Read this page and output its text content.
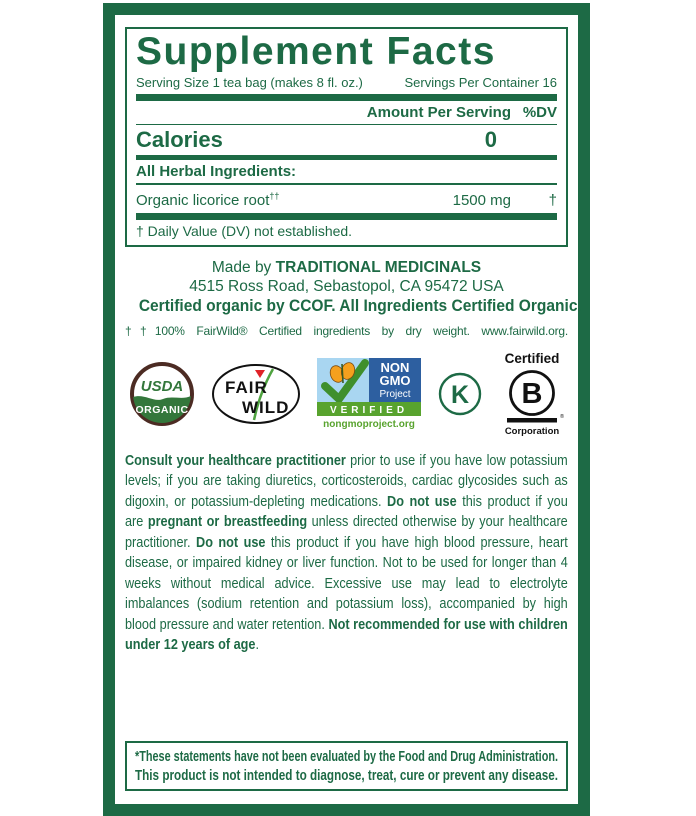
Supplement Facts
Serving Size 1 tea bag (makes 8 fl. oz.)	Servings Per Container 16
Amount Per Serving %DV
Calories	0
All Herbal Ingredients:
Organic licorice root††	1500 mg	†
† Daily Value (DV) not established.
Made by TRADITIONAL MEDICINALS
4515 Ross Road, Sebastopol, CA 95472 USA
Certified organic by CCOF. All Ingredients Certified Organic.
††100% FairWild® Certified ingredients by dry weight. www.fairwild.org.
USDA
ORGANIC
FAIR
WILD
NON
GMO
Project
VERIFIED
nongmoproject.org
K
Certified
B
®
Corporation
Consult your healthcare practitioner prior to use if you have low potassium levels; if you are taking diuretics, corticosteroids, cardiac glycosides such as digoxin, or potassium-depleting medications. Do not use this product if you are pregnant or breastfeeding unless directed otherwise by your healthcare practitioner. Do not use this product if you have high blood pressure, heart disease, or impaired kidney or liver function. Not to be used for longer than 4 weeks without medical advice. Excessive use may lead to electrolyte imbalances (sodium retention and potassium loss), accompanied by high blood pressure and water retention. Not recommended for use with children under 12 years of age.
*These statements have not been evaluated by the Food and Drug Administration.
This product is not intended to diagnose, treat, cure or prevent any disease.
